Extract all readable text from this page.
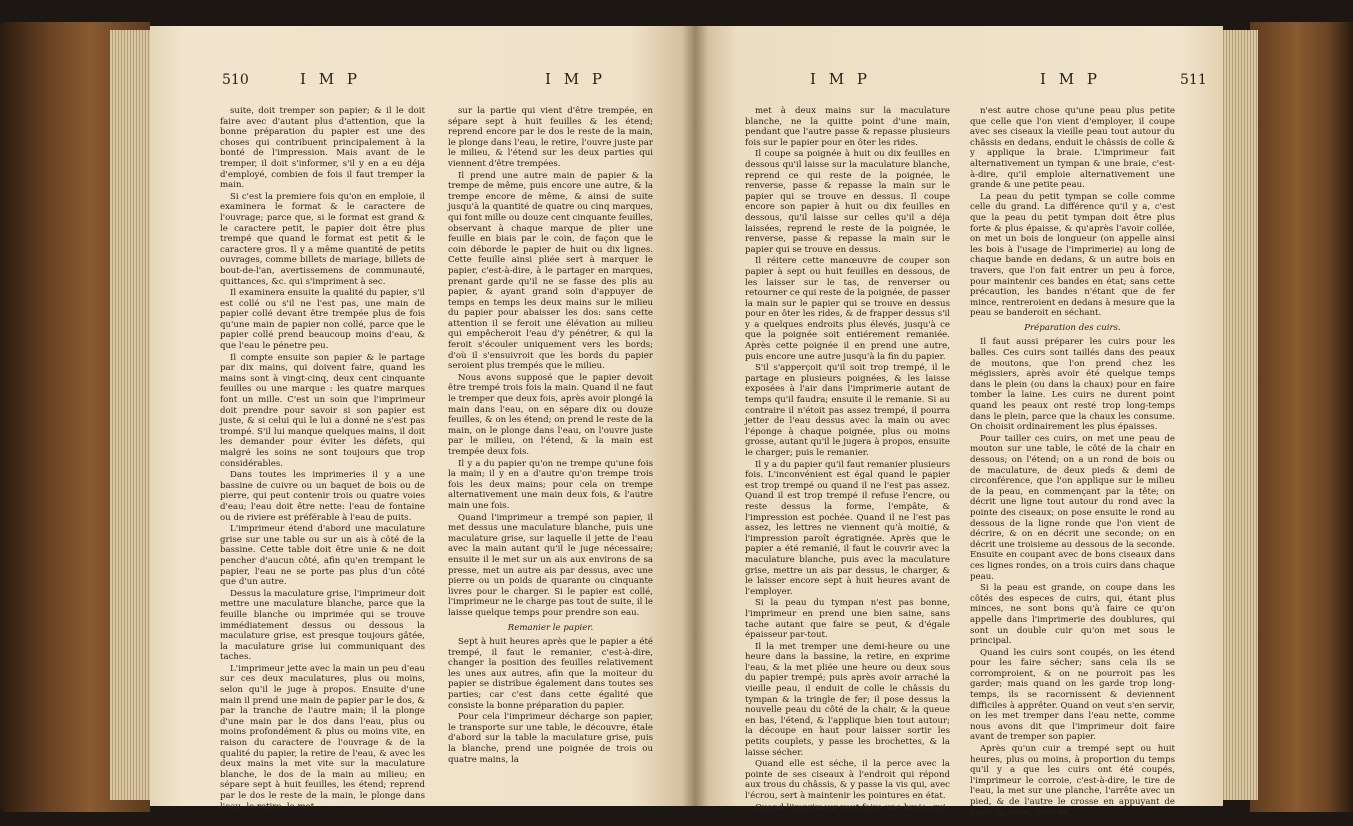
510	I M P	I M P

suite, doit tremper son papier; & il le doit faire avec d'autant plus d'attention, que la bonne préparation du papier est une des choses qui contribuent principalement à la bonté de l'impression. Mais avant de le tremper, il doit s'informer, s'il y en a eu déja d'employé, combien de fois il faut tremper la main.

Si c'est la premiere fois qu'on en emploie, il examinera le format & le caractere de l'ouvrage; parce que, si le format est grand & le caractere petit, le papier doit être plus trempé que quand le format est petit & le caractere gros. Il y a même quantité de petits ouvrages, comme billets de mariage, billets de bout-de-l'an, avertissemens de communauté, quittances, &c. qui s'impriment à sec.

Il examinera ensuite la qualité du papier, s'il est collé ou s'il ne l'est pas, une main de papier collé devant être trempée plus de fois qu'une main de papier non collé, parce que le papier collé prend beaucoup moins d'eau, & que l'eau le pénetre peu.

Il compte ensuite son papier & le partage par dix mains, qui doivent faire, quand les mains sont à vingt-cinq, deux cent cinquante feuilles ou une marque : les quatre marques font un mille. C'est un soin que l'imprimeur doit prendre pour savoir si son papier est juste, & si celui qui le lui a donné ne s'est pas trompé. S'il lui manque quelques mains, il doit les demander pour éviter les défets, qui malgré les soins ne sont toujours que trop considérables.

Dans toutes les imprimeries il y a une bassine de cuivre ou un baquet de bois ou de pierre, qui peut contenir trois ou quatre voies d'eau; l'eau doit être nette: l'eau de fontaine ou de riviere est préférable à l'eau de puits.

L'imprimeur étend d'abord une maculature grise sur une table ou sur un ais à côté de la bassine. Cette table doit être unie & ne doit pencher d'aucun côté, afin qu'en trempant le papier, l'eau ne se porte pas plus d'un côté que d'un autre.

Dessus la maculature grise, l'imprimeur doit mettre une maculature blanche, parce que la feuille blanche ou imprimée qui se trouve immédiatement dessus ou dessous la maculature grise, est presque toujours gâtée, la maculature grise lui communiquant des taches.

L'imprimeur jette avec la main un peu d'eau sur ces deux maculatures, plus ou moins, selon qu'il le juge à propos. Ensuite d'une main il prend une main de papier par le dos, & par la tranche de l'autre main; il la plonge d'une main par le dos dans l'eau, plus ou moins profondément & plus ou moins vite, en raison du caractere de l'ouvrage & de la qualité du papier, la retire de l'eau, & avec les deux mains la met vite sur la maculature blanche, le dos de la main au milieu; en sépare sept à huit feuilles, les étend; reprend par le dos le reste de la main, le plonge dans l'eau, le retire, le met

sur la partie qui vient d'être trempée, en sépare sept à huit feuilles & les étend; reprend encore par le dos le reste de la main, le plonge dans l'eau, le retire, l'ouvre juste par le milieu, & l'étend sur les deux parties qui viennent d'être trempées.

Il prend une autre main de papier & la trempe de même, puis encore une autre, & la trempe encore de même, & ainsi de suite jusqu'à la quantité de quatre ou cinq marques, qui font mille ou douze cent cinquante feuilles, observant à chaque marque de plier une feuille en biais par le coin, de façon que le coin déborde le papier de huit ou dix lignes. Cette feuille ainsi pliée sert à marquer le papier, c'est-à-dire, à le partager en marques, prenant garde qu'il ne se fasse des plis au papier, & ayant grand soin d'appuyer de temps en temps les deux mains sur le milieu du papier pour abaisser les dos: sans cette attention il se feroit une élévation au milieu qui empêcheroit l'eau d'y pénétrer, & qui la feroit s'écouler uniquement vers les bords; d'où il s'ensuivroit que les bords du papier seroient plus trempés que le milieu.

Nous avons supposé que le papier devoit être trempé trois fois la main. Quand il ne faut le tremper que deux fois, après avoir plongé la main dans l'eau, on en sépare dix ou douze feuilles, & on les étend; on prend le reste de la main, on le plonge dans l'eau, on l'ouvre juste par le milieu, on l'étend, & la main est trempée deux fois.

Il y a du papier qu'on ne trempe qu'une fois la main; il y en a d'autre qu'on trempe trois fois les deux mains; pour cela on trempe alternativement une main deux fois, & l'autre main une fois.

Quand l'imprimeur a trempé son papier, il met dessus une maculature blanche, puis une maculature grise, sur laquelle il jette de l'eau avec la main autant qu'il le juge nécessaire; ensuite il le met sur un ais aux environs de sa presse, met un autre ais par dessus, avec une pierre ou un poids de quarante ou cinquante livres pour le charger. Si le papier est collé, l'imprimeur ne le charge pas tout de suite, il le laisse quelque temps pour prendre son eau.

Remanier le papier.

Sept à huit heures après que le papier a été trempé, il faut le remanier, c'est-à-dire, changer la position des feuilles relativement les unes aux autres, afin que la moiteur du papier se distribue également dans toutes ses parties; car c'est dans cette égalité que consiste la bonne préparation du papier.

Pour cela l'imprimeur décharge son papier, le transporte sur une table, le découvre, étale d'abord sur la table la maculature grise, puis la blanche, prend une poignée de trois ou quatre mains, la

I M P	I M P	511

met à deux mains sur la maculature blanche, ne la quitte point d'une main, pendant que l'autre passe & repasse plusieurs fois sur le papier pour en ôter les rides.

Il coupe sa poignée à huit ou dix feuilles en dessous qu'il laisse sur la maculature blanche, reprend ce qui reste de la poignée, le renverse, passe & repasse la main sur le papier qui se trouve en dessus. Il coupe encore son papier à huit ou dix feuilles en dessous, qu'il laisse sur celles qu'il a déja laissées, reprend le reste de la poignée, le renverse, passe & repasse la main sur le papier qui se trouve en dessus.

Il réitere cette manœuvre de couper son papier à sept ou huit feuilles en dessous, de les laisser sur le tas, de renverser ou retourner ce qui reste de la poignée, de passer la main sur le papier qui se trouve en dessus pour en ôter les rides, & de frapper dessus s'il y a quelques endroits plus élevés, jusqu'à ce que la poignée soit entiérement remaniée. Après cette poignée il en prend une autre, puis encore une autre jusqu'à la fin du papier.

S'il s'apperçoit qu'il soit trop trempé, il le partage en plusieurs poignées, & les laisse exposées à l'air dans l'imprimerie autant de temps qu'il faudra; ensuite il le remanie. Si au contraire il n'étoit pas assez trempé, il pourra jetter de l'eau dessus avec la main ou avec l'éponge à chaque poignée, plus ou moins grosse, autant qu'il le jugera à propos, ensuite le charger; puis le remanier.

Il y a du papier qu'il faut remanier plusieurs fois. L'inconvénient est égal quand le papier est trop trempé ou quand il ne l'est pas assez. Quand il est trop trempé il refuse l'encre, ou reste dessus la forme, l'empâte, & l'impression est pochée. Quand il ne l'est pas assez, les lettres ne viennent qu'à moitié, & l'impression paroît égratignée. Après que le papier a été remanié, il faut le couvrir avec la maculature blanche, puis avec la maculature grise, mettre un ais par dessus, le charger, & le laisser encore sept à huit heures avant de l'employer.

Si la peau du tympan n'est pas bonne, l'imprimeur en prend une bien saine, sans tache autant que faire se peut, & d'égale épaisseur par-tout.

Il la met tremper une demi-heure ou une heure dans la bassine, la retire, en exprime l'eau, & la met pliée une heure ou deux sous du papier trempé; puis après avoir arraché la vieille peau, il enduit de colle le châssis du tympan & la tringle de fer; il pose dessus la nouvelle peau du côté de la chair, & la queue en bas, l'étend, & l'applique bien tout autour; la découpe en haut pour laisser sortir les petits couplets, y passe les brochettes, & la laisse sécher.

Quand elle est séche, il la perce avec la pointe de ses ciseaux à l'endroit qui répond aux trous du châssis, & y passe la vis qui, avec l'écrou, sert à maintenir les pointures en état.

Quand l'imprimeur veut faire une braie, qui

n'est autre chose qu'une peau plus petite que celle que l'on vient d'employer, il coupe avec ses ciseaux la vieille peau tout autour du châssis en dedans, enduit le châssis de colle & y applique la braie. L'imprimeur fait alternativement un tympan & une braie, c'est-à-dire, qu'il emploie alternativement une grande & une petite peau.

La peau du petit tympan se colle comme celle du grand. La différence qu'il y a, c'est que la peau du petit tympan doit être plus forte & plus épaisse, & qu'après l'avoir collée, on met un bois de longueur (on appelle ainsi les bois à l'usage de l'imprimerie) au long de chaque bande en dedans, & un autre bois en travers, que l'on fait entrer un peu à force, pour maintenir ces bandes en état; sans cette précaution, les bandes n'étant que de fer mince, rentreroient en dedans à mesure que la peau se banderoit en séchant.

Préparation des cuirs.

Il faut aussi préparer les cuirs pour les balles. Ces cuirs sont taillés dans des peaux de moutons, que l'on prend chez les mégissiers, après avoir été quelque temps dans le plein (ou dans la chaux) pour en faire tomber la laine. Les cuirs ne durent point quand les peaux ont resté trop long-temps dans le plein, parce que la chaux les consume. On choisit ordinairement les plus épaisses.

Pour tailler ces cuirs, on met une peau de mouton sur une table, le côté de la chair en dessous; on l'étend; on a un rond de bois ou de maculature, de deux pieds & demi de circonférence, que l'on applique sur le milieu de la peau, en commençant par la tête; on décrit une ligne tout autour du rond avec la pointe des ciseaux; on pose ensuite le rond au dessous de la ligne ronde que l'on vient de décrire, & on en décrit une seconde; on en décrit une troisieme au dessous de la seconde. Ensuite en coupant avec de bons ciseaux dans ces lignes rondes, on a trois cuirs dans chaque peau.

Si la peau est grande, on coupe dans les côtés des especes de cuirs, qui, étant plus minces, ne sont bons qu'à faire ce qu'on appelle dans l'imprimerie des doublures, qui sont un double cuir qu'on met sous le principal.

Quand les cuirs sont coupés, on les étend pour les faire sécher; sans cela ils se corromproient, & on ne pourroit pas les garder; mais quand on les garde trop long-temps, ils se racornissent & deviennent difficiles à apprêter. Quand on veut s'en servir, on les met tremper dans l'eau nette, comme nous avons dit que l'imprimeur doit faire avant de tremper son papier.

Après qu'un cuir a trempé sept ou huit heures, plus ou moins, à proportion du temps qu'il y a que les cuirs ont été coupés, l'imprimeur le corroie, c'est-à-dire, le tire de l'eau, la met sur une planche, l'arrête avec un pied, & de l'autre le crosse en appuyant de toute sa force, pour en
